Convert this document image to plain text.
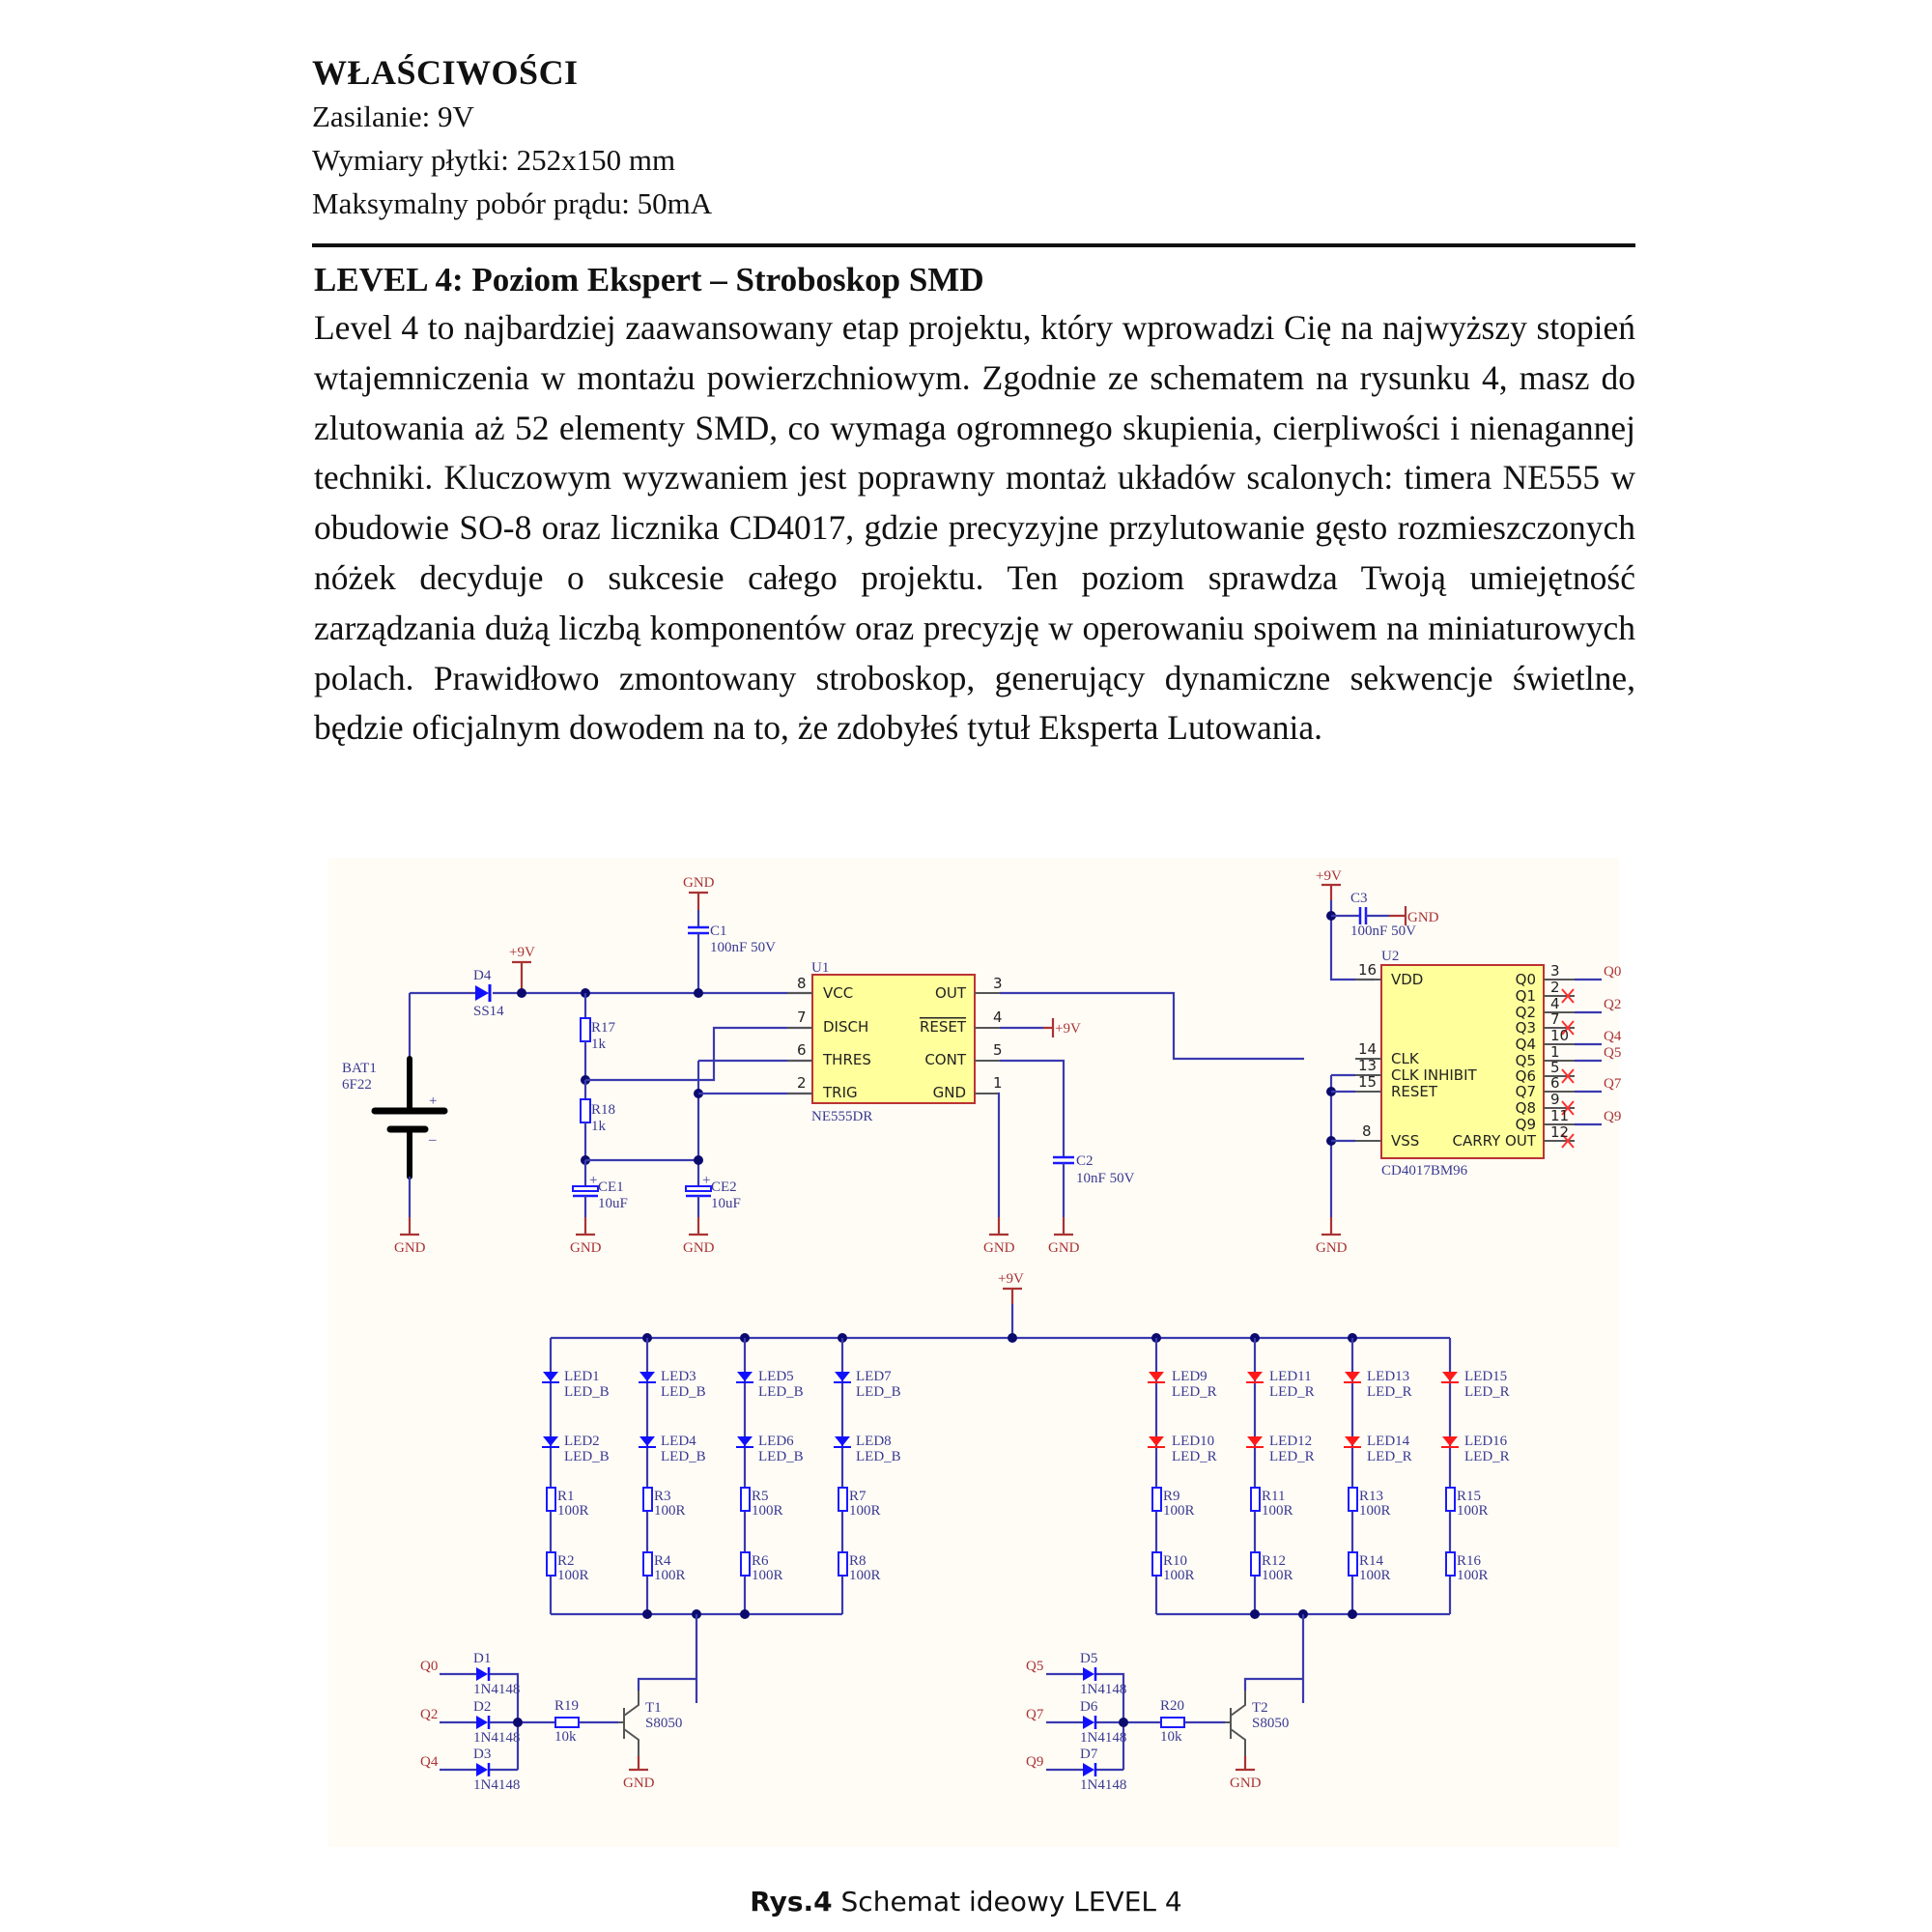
WŁAŚCIWOŚCI
Zasilanie: 9V
Wymiary płytki: 252x150 mm
Maksymalny pobór prądu: 50mA
LEVEL 4: Poziom Ekspert – Stroboskop SMD

Level 4 to najbardziej zaawansowany etap projektu, który wprowadzi Cię na najwyższy stopień wtajemniczenia w montażu powierzchniowym. Zgodnie ze schematem na rysunku 4, masz do zlutowania aż 52 elementy SMD, co wymaga ogromnego skupienia, cierpliwości i nienagannej techniki. Kluczowym wyzwaniem jest poprawny montaż układów scalonych: timera NE555 w obudowie SO-8 oraz licznika CD4017, gdzie precyzyjne przylutowanie gęsto rozmieszczonych nóżek decyduje o sukcesie całego projektu. Ten poziom sprawdza Twoją umiejętność zarządzania dużą liczbą komponentów oraz precyzję w operowaniu spoiwem na miniaturowych polach. Prawidłowo zmontowany stroboskop, generujący dynamiczne sekwencje świetlne, będzie oficjalnym dowodem na to, że zdobyłeś tytuł Eksperta Lutowania.

BAT1
6F22
+
–
GND
D4
SS14
+9V
R17
1k
R18
1k
+ CE1
10uF
GND
+ CE2
10uF
GND
GND
C1
100nF 50V
U1
NE555DR
8
7
6
2
VCC
DISCH
THRES
TRIG
3
4
5
1
OUT
RESET
CONT
GND
+9V
C2
10nF 50V
GND
GND
+9V
GND
C3
100nF 50V
U2
CD4017BM96
16
14
13
15
8
VDD
CLK
CLK INHIBIT
RESET
VSS
GND
3
2
4
7
10
1
5
6
9
11
12
Q0
Q1
Q2
Q3
Q4
Q5
Q6
Q7
Q8
Q9
CARRY OUT
Q0
Q2
Q4
Q5
Q7
Q9
+9V
LED1
LED_B
LED2
LED_B
LED3
LED_B
LED4
LED_B
LED5
LED_B
LED6
LED_B
LED7
LED_B
LED8
LED_B
R1
100R
R2
100R
R3
100R
R4
100R
R5
100R
R6
100R
R7
100R
R8
100R
LED9
LED_R
LED10
LED_R
LED11
LED_R
LED12
LED_R
LED13
LED_R
LED14
LED_R
LED15
LED_R
LED16
LED_R
R9
100R
R10
100R
R11
100R
R12
100R
R13
100R
R14
100R
R15
100R
R16
100R
Q0
Q2
Q4
D1
1N4148
D2
1N4148
D3
1N4148
R19
10k
T1
S8050
GND
Q5
Q7
Q9
D5
1N4148
D6
1N4148
D7
1N4148
R20
10k
T2
S8050
GND
Rys.4 Schemat ideowy LEVEL 4
